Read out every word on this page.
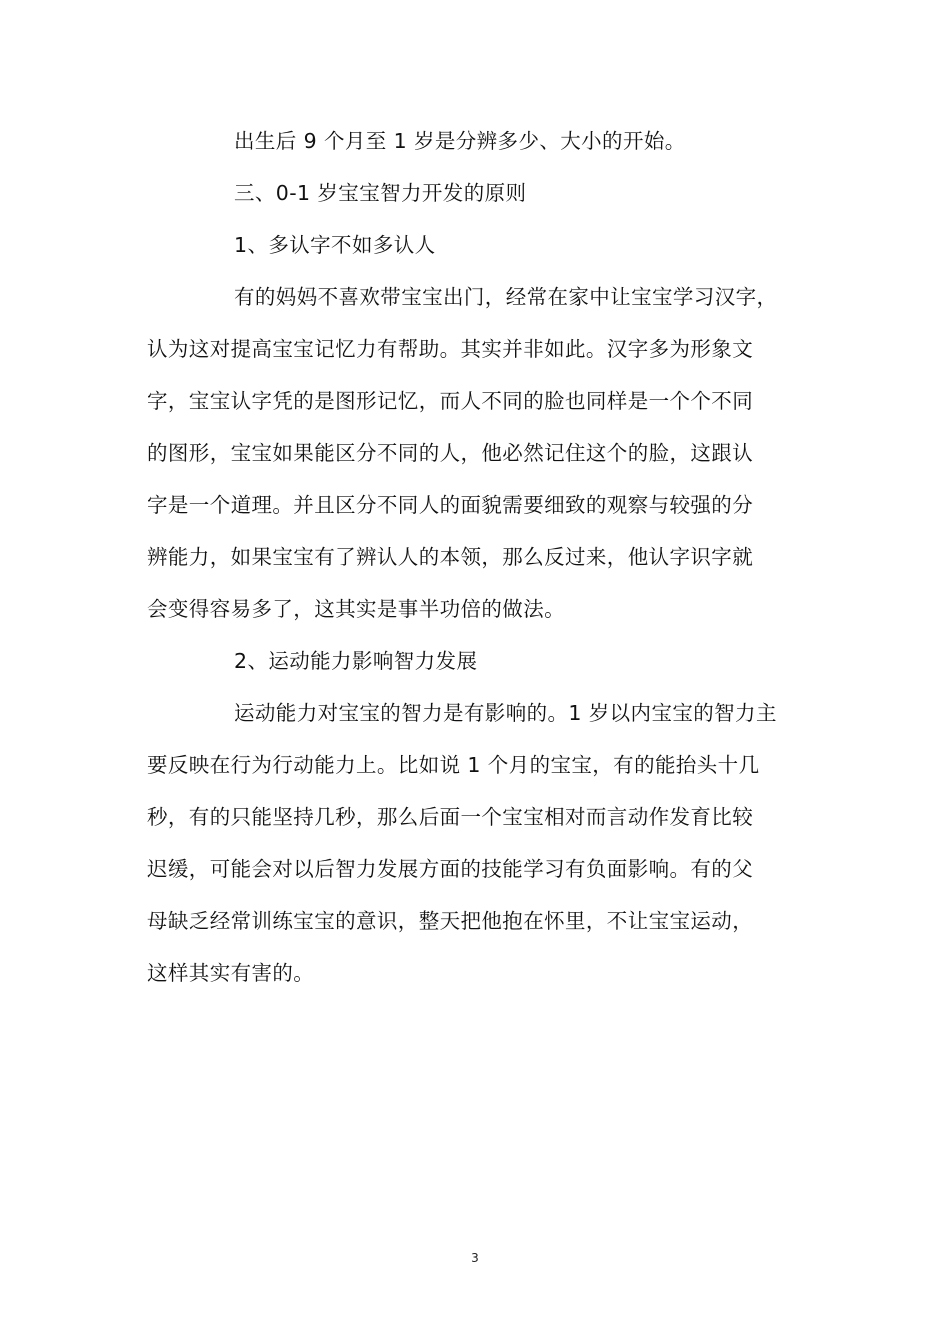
出生后 9 个月至 1 岁是分辨多少、大小的开始。

三、0-1 岁宝宝智力开发的原则

1、多认字不如多认人

有的妈妈不喜欢带宝宝出门，经常在家中让宝宝学习汉字，
认为这对提高宝宝记忆力有帮助。其实并非如此。汉字多为形象文
字，宝宝认字凭的是图形记忆，而人不同的脸也同样是一个个不同
的图形，宝宝如果能区分不同的人，他必然记住这个的脸，这跟认
字是一个道理。并且区分不同人的面貌需要细致的观察与较强的分
辨能力，如果宝宝有了辨认人的本领，那么反过来，他认字识字就
会变得容易多了，这其实是事半功倍的做法。

2、运动能力影响智力发展

运动能力对宝宝的智力是有影响的。1 岁以内宝宝的智力主
要反映在行为行动能力上。比如说 1 个月的宝宝，有的能抬头十几
秒，有的只能坚持几秒，那么后面一个宝宝相对而言动作发育比较
迟缓，可能会对以后智力发展方面的技能学习有负面影响。有的父
母缺乏经常训练宝宝的意识，整天把他抱在怀里，不让宝宝运动，
这样其实有害的。

3
